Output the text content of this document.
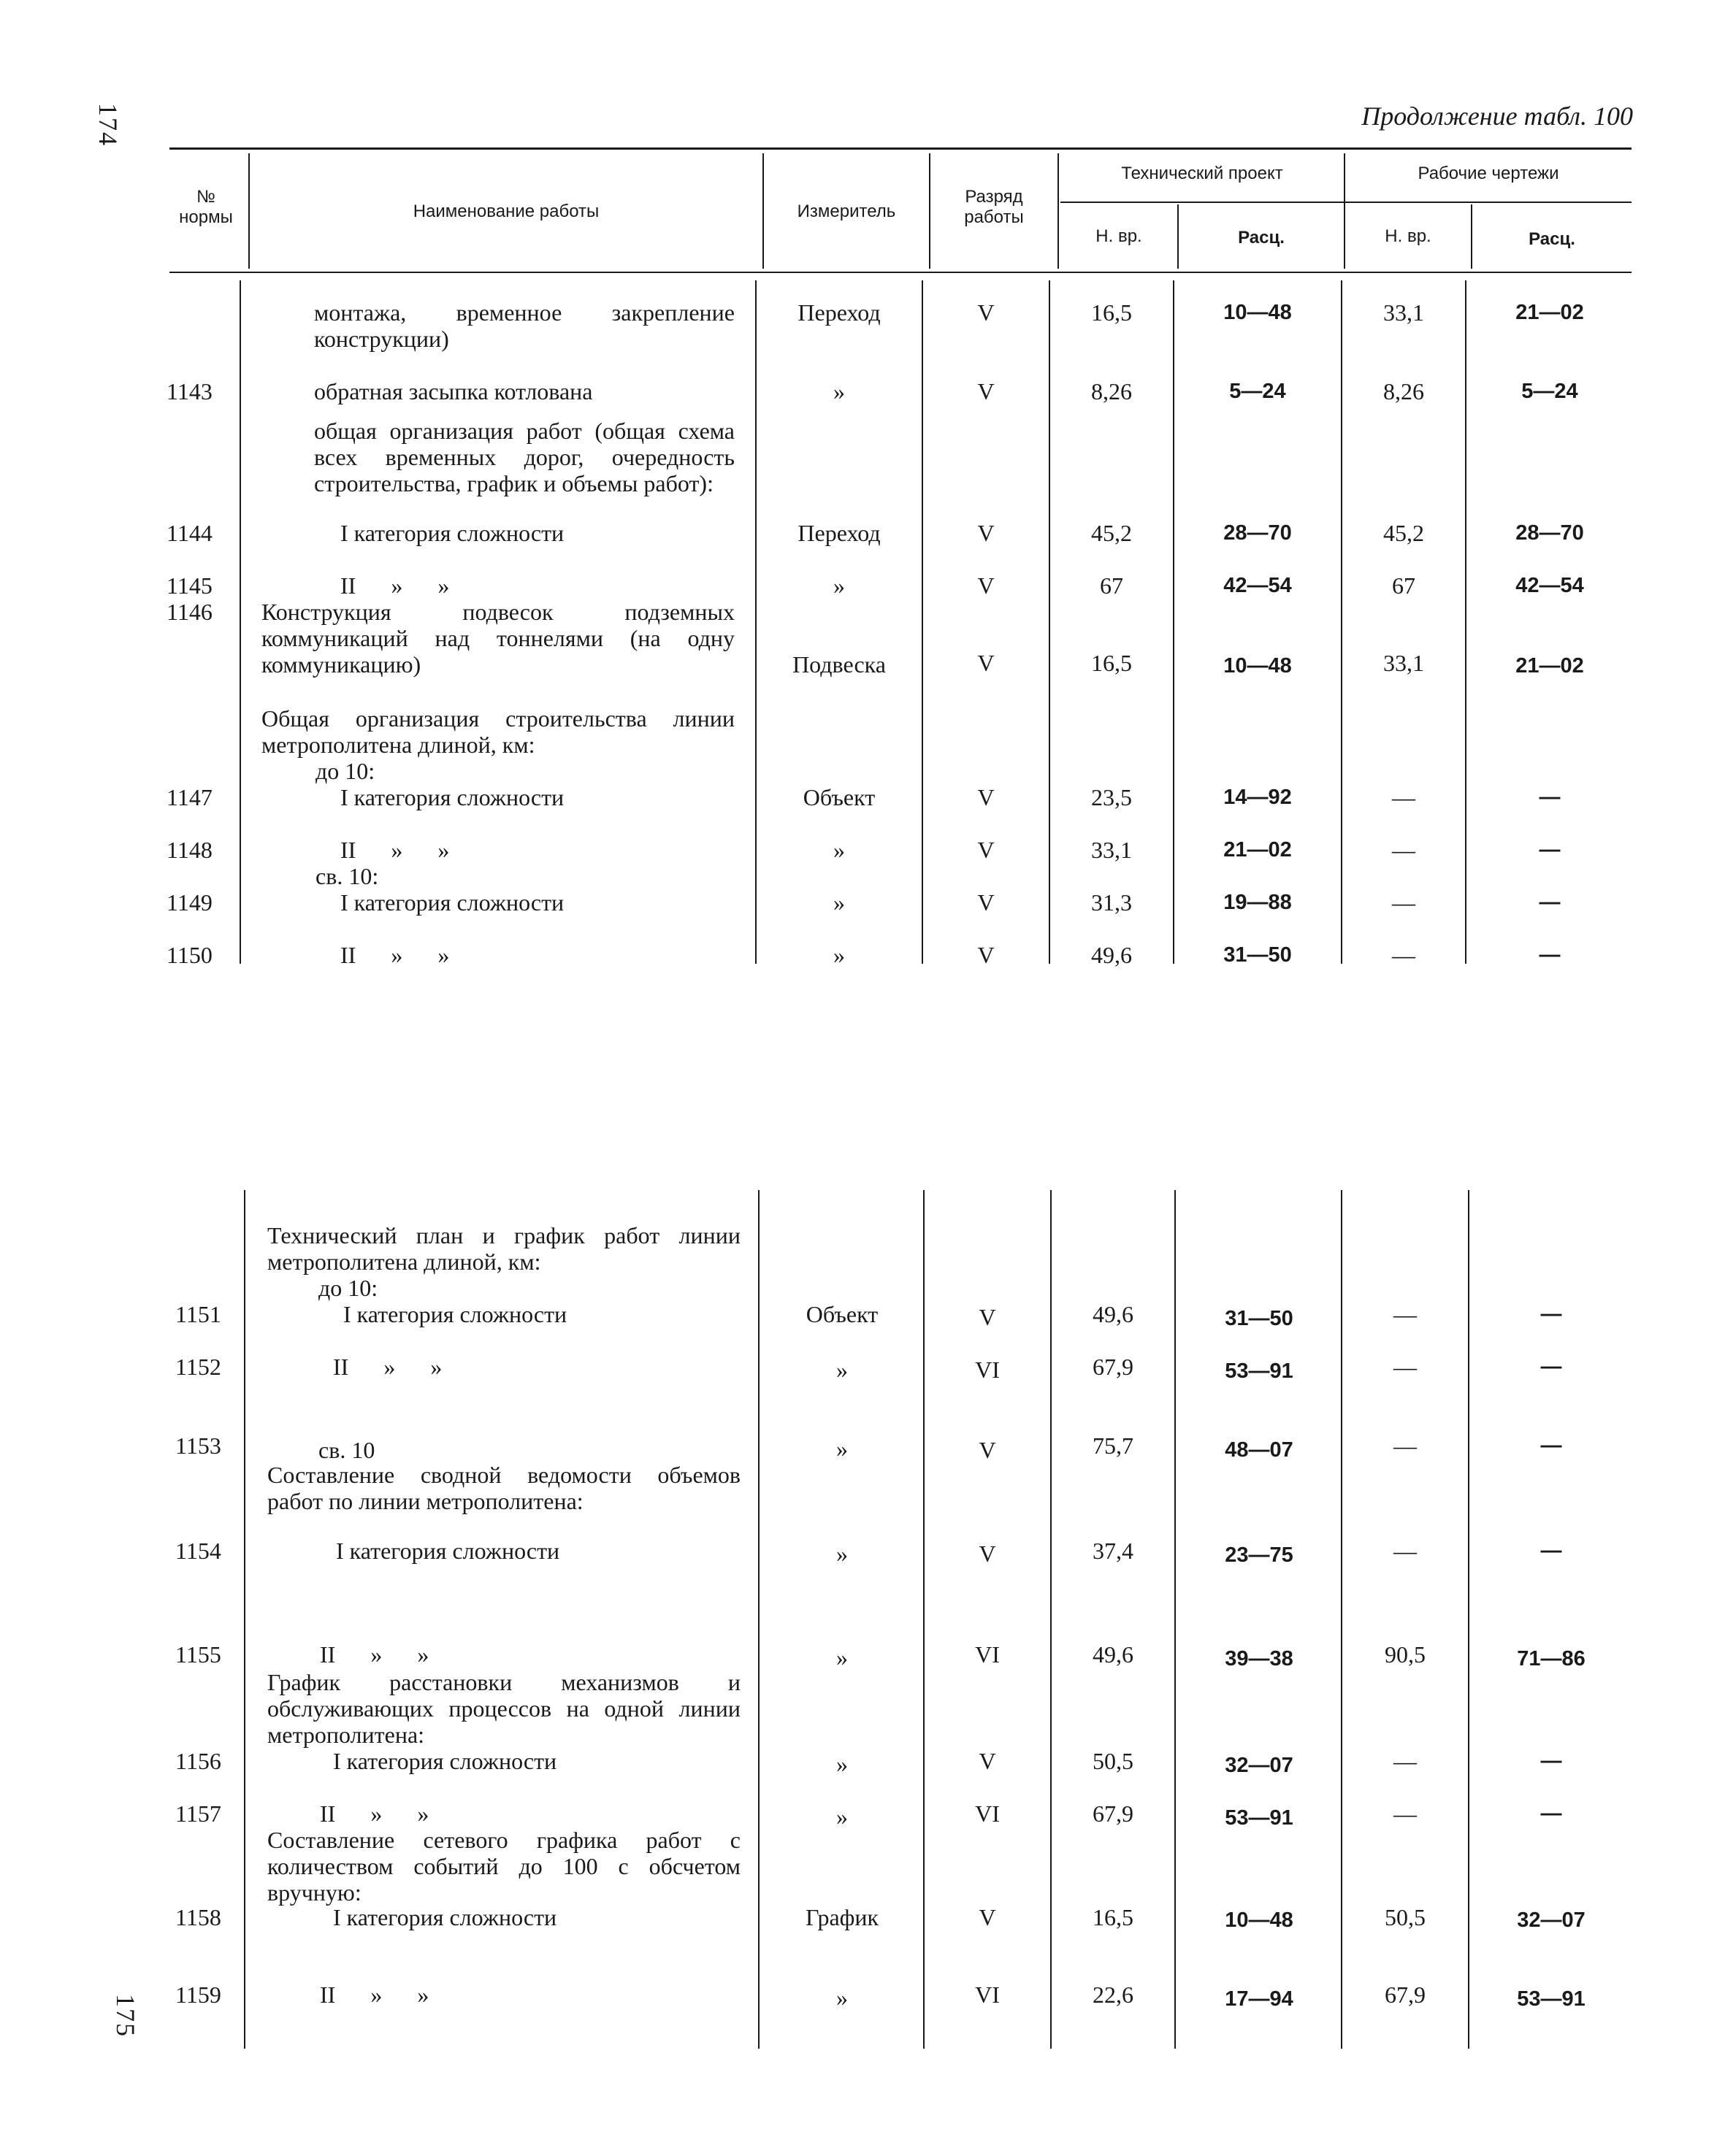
174
175
Продолжение табл. 100
№ нормы	Наименование работы	Измеритель
Разряд работы
Технический проект	Рабочие чертежи
Н. вр.	Расц.	Н. вр.	Расц.
монтажа, временное закрепление конструкции)
Переход	V	16,5	10—48	33,1	21—02
1143	обратная засыпка котлована	»	V	8,26	5—24	8,26	5—24
общая организация работ (общая схема всех временных дорог, очередность строительства, график и объемы работ):
1144	I категория сложности	Переход	V	45,2	28—70	45,2	28—70
1145	II      »      »	»	V	67	42—54	67	42—54
1146	Конструкция подвесок подземных коммуникаций над тоннелями (на одну коммуникацию)	Подвеска	V	16,5	10—48	33,1	21—02
Общая организация строительства линии метрополитена длиной, км:
до 10:
1147	I категория сложности	Объект	V	23,5	14—92	—	—
1148	II      »      »	»	V	33,1	21—02	—	—
св. 10:
1149	I категория сложности	»	V	31,3	19—88	—	—
1150	II      »      »	»	V	49,6	31—50	—	—
Технический план и график работ линии метрополитена длиной, км:
до 10:
1151	I категория сложности	Объект	V	49,6	31—50	—	—
1152	II      »      »	»	VI	67,9	53—91	—	—
1153	св. 10	»	V	75,7	48—07	—	—
Составление сводной ведомости объемов работ по линии метрополитена:
1154	I категория сложности	»	V	37,4	23—75	—	—
1155	II      »      »	»	VI	49,6	39—38	90,5	71—86
График расстановки механизмов и обслуживающих процессов на одной линии метрополитена:
1156	I категория сложности	»	V	50,5	32—07	—	—
1157	II      »      »	»	VI	67,9	53—91	—	—
Составление сетевого графика работ с количеством событий до 100 с обсчетом вручную:
1158	I категория сложности	График	V	16,5	10—48	50,5	32—07
1159	II      »      »	»	VI	22,6	17—94	67,9	53—91
